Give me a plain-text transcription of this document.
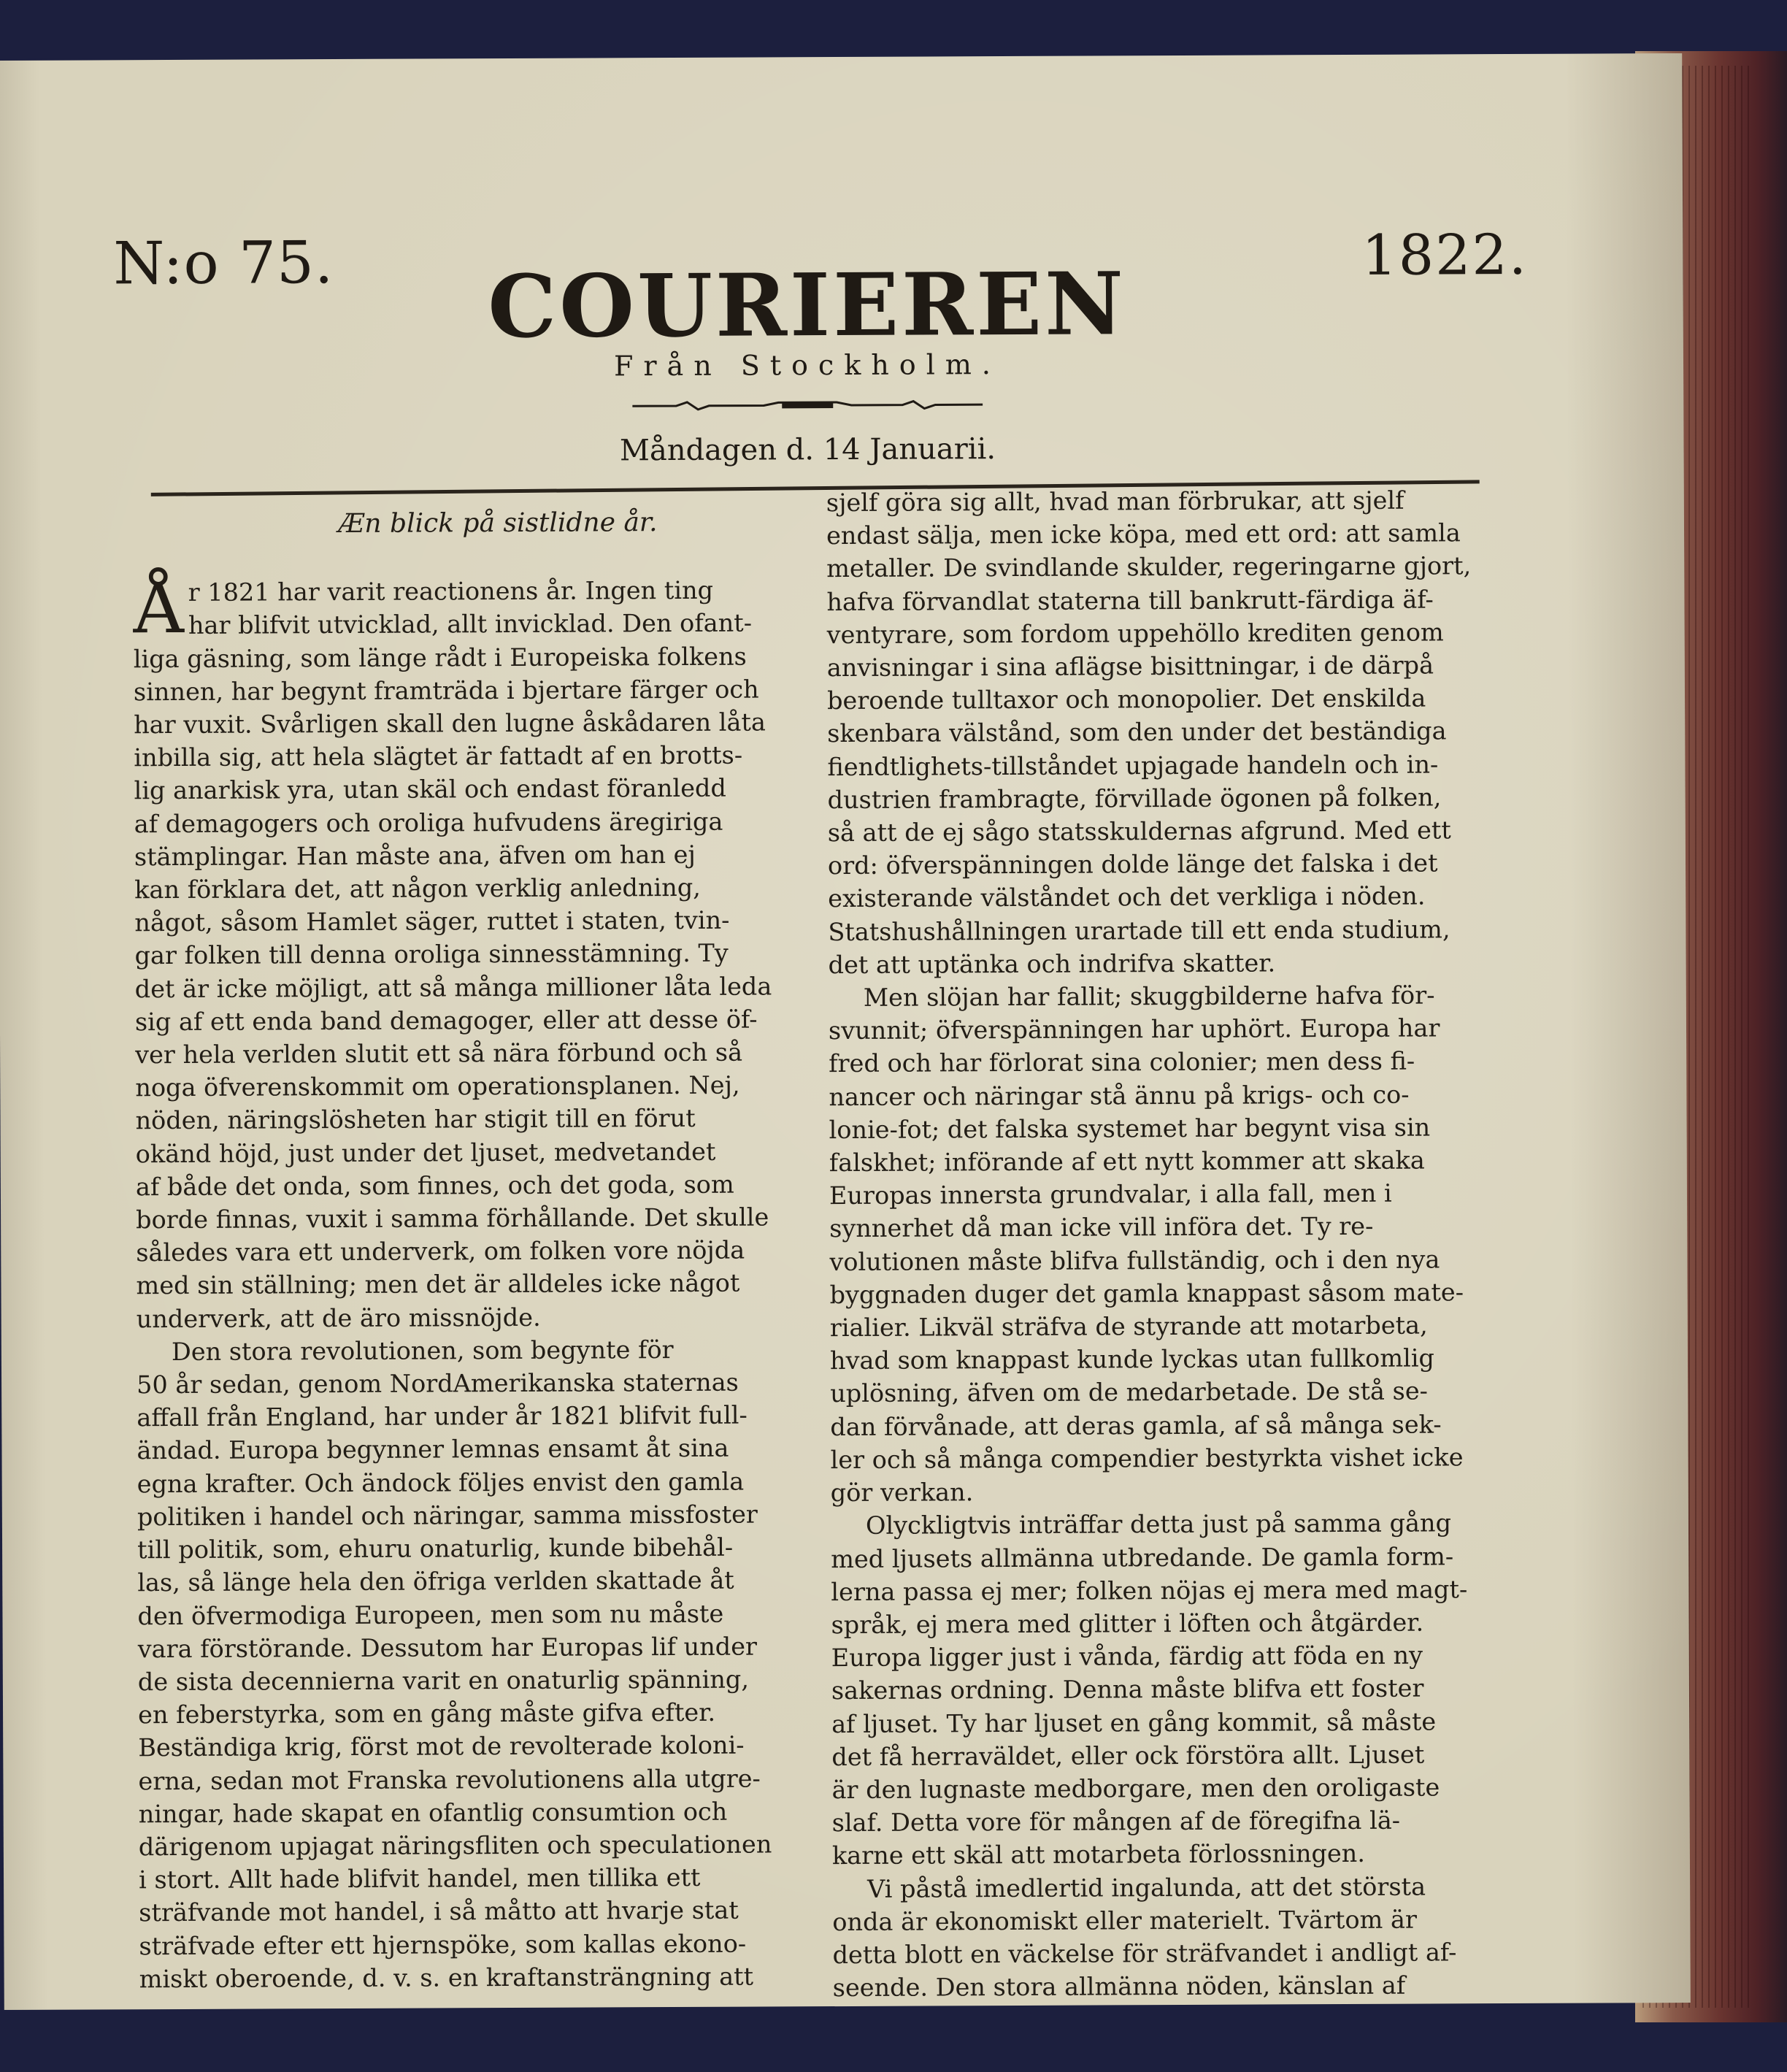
N:o 75. COURIEREN	1822.
Från Stockholm.
Måndagen d. 14 Januarii.

Æn blick på sistlidne år.

Å r 1821 har varit reactionens år. Ingen ting

har blifvit utvicklad, allt invicklad. Den ofant-

liga gäsning, som länge rådt i Europeiska folkens

sinnen, har begynt framträda i bjertare färger och

har vuxit. Svårligen skall den lugne åskådaren låta

inbilla sig, att hela slägtet är fattadt af en brotts-

lig anarkisk yra, utan skäl och endast föranledd

af demagogers och oroliga hufvudens äregiriga

stämplingar. Han måste ana, äfven om han ej

kan förklara det, att någon verklig anledning,

något, såsom Hamlet säger, ruttet i staten, tvin-

gar folken till denna oroliga sinnesstämning. Ty

det är icke möjligt, att så många millioner låta leda

sig af ett enda band demagoger, eller att desse öf-

ver hela verlden slutit ett så nära förbund och så

noga öfverenskommit om operationsplanen. Nej,

nöden, näringslösheten har stigit till en förut

okänd höjd, just under det ljuset, medvetandet

af både det onda, som finnes, och det goda, som

borde finnas, vuxit i samma förhållande. Det skulle

således vara ett underverk, om folken vore nöjda

med sin ställning; men det är alldeles icke något

underverk, att de äro missnöjde.

Den stora revolutionen, som begynte för

50 år sedan, genom NordAmerikanska staternas

affall från England, har under år 1821 blifvit full-

ändad. Europa begynner lemnas ensamt åt sina

egna krafter. Och ändock följes envist den gamla

politiken i handel och näringar, samma missfoster

till politik, som, ehuru onaturlig, kunde bibehål-

las, så länge hela den öfriga verlden skattade åt

den öfvermodiga Europeen, men som nu måste

vara förstörande. Dessutom har Europas lif under

de sista decennierna varit en onaturlig spänning,

en feberstyrka, som en gång måste gifva efter.

Beständiga krig, först mot de revolterade koloni-

erna, sedan mot Franska revolutionens alla utgre-

ningar, hade skapat en ofantlig consumtion och

därigenom upjagat näringsfliten och speculationen

i stort. Allt hade blifvit handel, men tillika ett

sträfvande mot handel, i så måtto att hvarje stat

sträfvade efter ett hjernspöke, som kallas ekono-

miskt oberoende, d. v. s. en kraftansträngning att

sjelf göra sig allt, hvad man förbrukar, att sjelf

endast sälja, men icke köpa, med ett ord: att samla

metaller. De svindlande skulder, regeringarne gjort,

hafva förvandlat staterna till bankrutt-färdiga äf-

ventyrare, som fordom uppehöllo krediten genom

anvisningar i sina aflägse bisittningar, i de därpå

beroende tulltaxor och monopolier. Det enskilda

skenbara välstånd, som den under det beständiga

fiendtlighets-tillståndet upjagade handeln och in-

dustrien frambragte, förvillade ögonen på folken,

så att de ej sågo statsskuldernas afgrund. Med ett

ord: öfverspänningen dolde länge det falska i det

existerande välståndet och det verkliga i nöden.

Statshushållningen urartade till ett enda studium,

det att uptänka och indrifva skatter.

Men slöjan har fallit; skuggbilderne hafva för-

svunnit; öfverspänningen har uphört. Europa har

fred och har förlorat sina colonier; men dess fi-

nancer och näringar stå ännu på krigs- och co-

lonie-fot; det falska systemet har begynt visa sin

falskhet; införande af ett nytt kommer att skaka

Europas innersta grundvalar, i alla fall, men i

synnerhet då man icke vill införa det. Ty re-

volutionen måste blifva fullständig, och i den nya

byggnaden duger det gamla knappast såsom mate-

rialier. Likväl sträfva de styrande att motarbeta,

hvad som knappast kunde lyckas utan fullkomlig

uplösning, äfven om de medarbetade. De stå se-

dan förvånade, att deras gamla, af så många sek-

ler och så många compendier bestyrkta vishet icke

gör verkan.

Olyckligtvis inträffar detta just på samma gång

med ljusets allmänna utbredande. De gamla form-

lerna passa ej mer; folken nöjas ej mera med magt-

språk, ej mera med glitter i löften och åtgärder.

Europa ligger just i vånda, färdig att föda en ny

sakernas ordning. Denna måste blifva ett foster

af ljuset. Ty har ljuset en gång kommit, så måste

det få herraväldet, eller ock förstöra allt. Ljuset

är den lugnaste medborgare, men den oroligaste

slaf. Detta vore för mången af de föregifna lä-

karne ett skäl att motarbeta förlossningen.

Vi påstå imedlertid ingalunda, att det största

onda är ekonomiskt eller materielt. Tvärtom är

detta blott en väckelse för sträfvandet i andligt af-

seende. Den stora allmänna nöden, känslan af
